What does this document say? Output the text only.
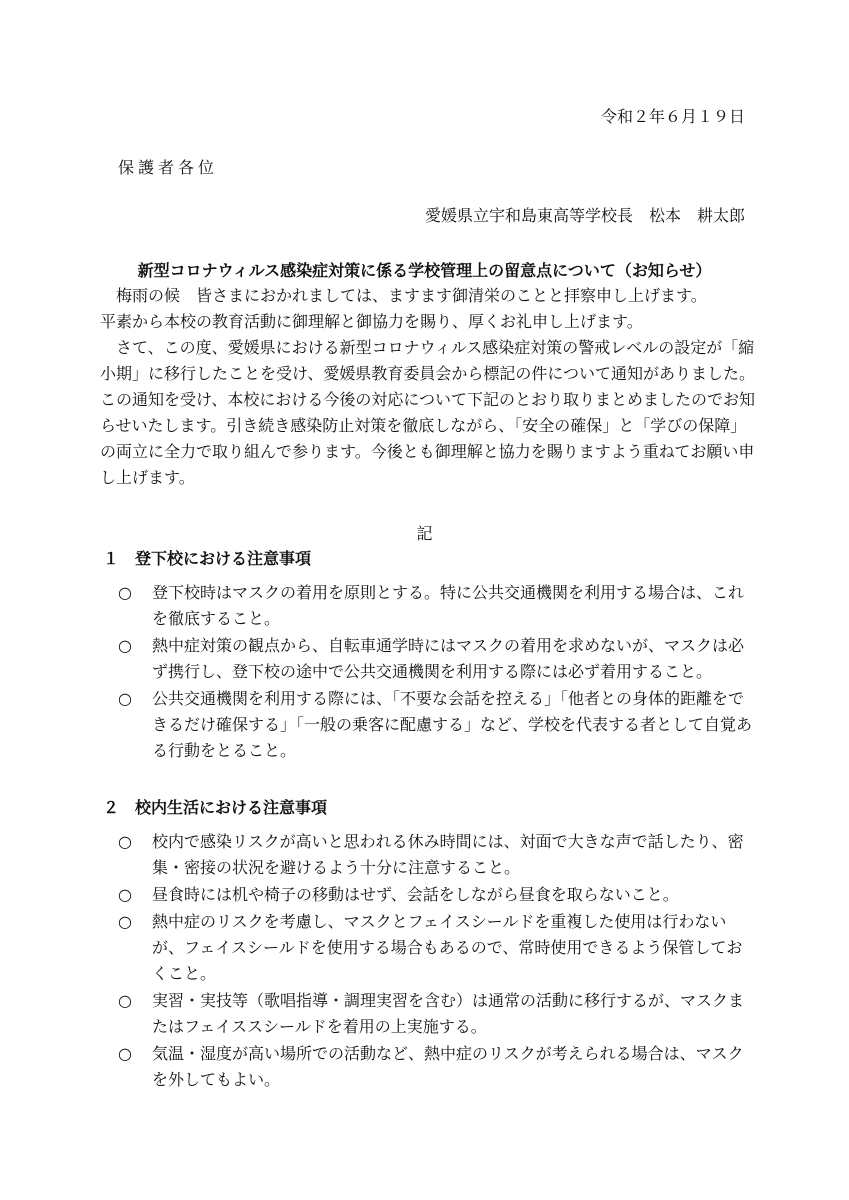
令和２年６月１９日
保護者各位
愛媛県立宇和島東高等学校長　松本　耕太郎
新型コロナウィルス感染症対策に係る学校管理上の留意点について（お知らせ）

梅雨の候　皆さまにおかれましては、ますます御清栄のことと拝察申し上げます。

平素から本校の教育活動に御理解と御協力を賜り、厚くお礼申し上げます。

さて、この度、愛媛県における新型コロナウィルス感染症対策の警戒レベルの設定が「縮小期」に移行したことを受け、愛媛県教育委員会から標記の件について通知がありました。この通知を受け、本校における今後の対応について下記のとおり取りまとめましたのでお知らせいたします。引き続き感染防止対策を徹底しながら、「安全の確保」と「学びの保障」の両立に全力で取り組んで参ります。今後とも御理解と協力を賜りますよう重ねてお願い申し上げます。

記
１　登下校における注意事項
○	登下校時はマスクの着用を原則とする。特に公共交通機関を利用する場合は、これを徹底すること。
○	熱中症対策の観点から、自転車通学時にはマスクの着用を求めないが、マスクは必ず携行し、登下校の途中で公共交通機関を利用する際には必ず着用すること。
○	公共交通機関を利用する際には、「不要な会話を控える」「他者との身体的距離をできるだけ確保する」「一般の乗客に配慮する」など、学校を代表する者として自覚ある行動をとること。
２　校内生活における注意事項
○	校内で感染リスクが高いと思われる休み時間には、対面で大きな声で話したり、密集・密接の状況を避けるよう十分に注意すること。
○	昼食時には机や椅子の移動はせず、会話をしながら昼食を取らないこと。
○	熱中症のリスクを考慮し、マスクとフェイスシールドを重複した使用は行わないが、フェイスシールドを使用する場合もあるので、常時使用できるよう保管しておくこと。
○	実習・実技等（歌唱指導・調理実習を含む）は通常の活動に移行するが、マスクまたはフェイススシールドを着用の上実施する。
○	気温・湿度が高い場所での活動など、熱中症のリスクが考えられる場合は、マスクを外してもよい。
